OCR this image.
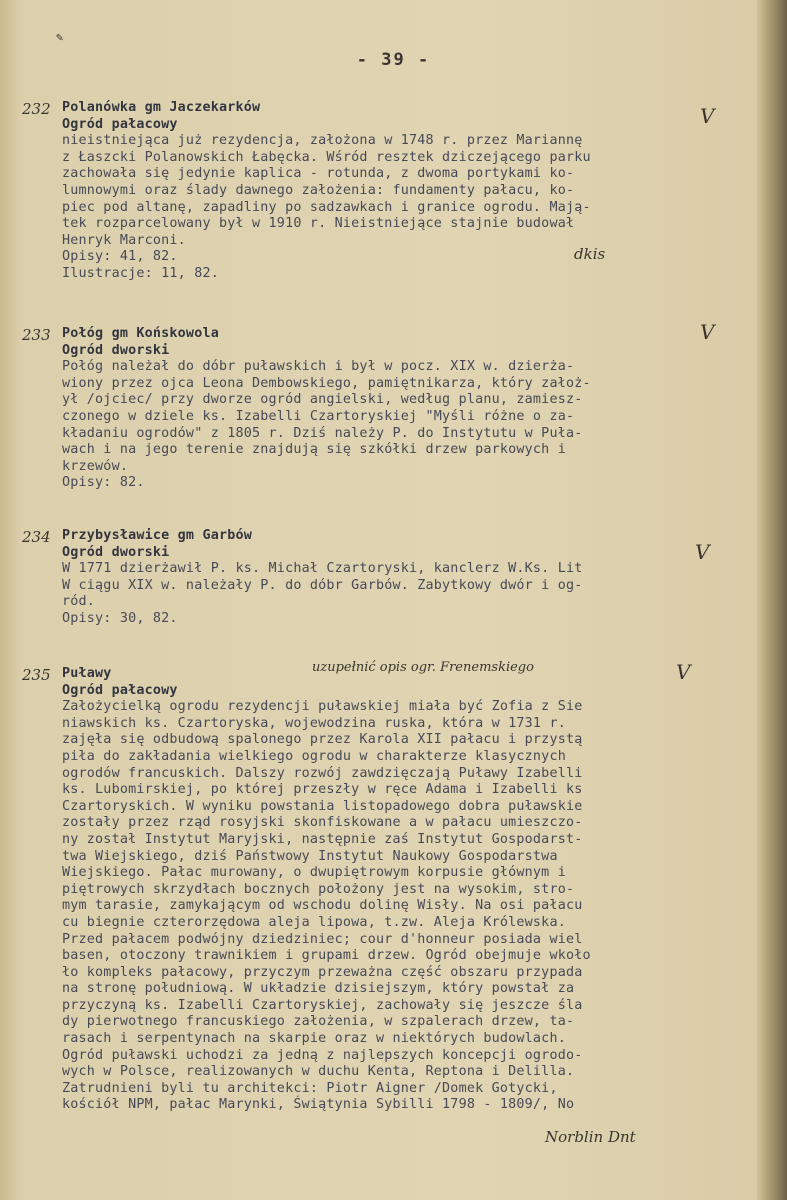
✎
- 39 -
232 Polanówka gm Jaczekarków
Ogród pałacowy
nieistniejąca już rezydencja, założona w 1748 r. przez Mariannę
z Łaszcki Polanowskich Łabęcka. Wśród resztek dziczejącego parku
zachowała się jedynie kaplica - rotunda, z dwoma portykami ko-
lumnowymi oraz ślady dawnego założenia: fundamenty pałacu, ko-
piec pod altanę, zapadliny po sadzawkach i granice ogrodu. Mają-
tek rozparcelowany był w 1910 r. Nieistniejące stajnie budował
Henryk Marconi.
Opisy: 41, 82.
Ilustracje: 11, 82.
V
dkis
233 Połóg gm Końskowola
Ogród dworski
Połóg należał do dóbr puławskich i był w pocz. XIX w. dzierża-
wiony przez ojca Leona Dembowskiego, pamiętnikarza, który założ-
ył /ojciec/ przy dworze ogród angielski, według planu, zamiesz-
czonego w dziele ks. Izabelli Czartoryskiej "Myśli różne o za-
kładaniu ogrodów" z 1805 r. Dziś należy P. do Instytutu w Puła-
wach i na jego terenie znajdują się szkółki drzew parkowych i
krzewów.
Opisy: 82.
V
234 Przybysławice gm Garbów
Ogród dworski
W 1771 dzierżawił P. ks. Michał Czartoryski, kanclerz W.Ks. Lit
W ciągu XIX w. należały P. do dóbr Garbów. Zabytkowy dwór i og-
ród.
Opisy: 30, 82.
V
235 Puławy
Ogród pałacowy
Założycielką ogrodu rezydencji puławskiej miała być Zofia z Sie
niawskich ks. Czartoryska, wojewodzina ruska, która w 1731 r.
zajęła się odbudową spalonego przez Karola XII pałacu i przystą
piła do zakładania wielkiego ogrodu w charakterze klasycznych
ogrodów francuskich. Dalszy rozwój zawdzięczają Puławy Izabelli
ks. Lubomirskiej, po której przeszły w ręce Adama i Izabelli ks
Czartoryskich. W wyniku powstania listopadowego dobra puławskie
zostały przez rząd rosyjski skonfiskowane a w pałacu umieszczo-
ny został Instytut Maryjski, następnie zaś Instytut Gospodarst-
twa Wiejskiego, dziś Państwowy Instytut Naukowy Gospodarstwa
Wiejskiego. Pałac murowany, o dwupiętrowym korpusie głównym i
piętrowych skrzydłach bocznych położony jest na wysokim, stro-
mym tarasie, zamykającym od wschodu dolinę Wisły. Na osi pałacu
cu biegnie czterorzędowa aleja lipowa, t.zw. Aleja Królewska.
Przed pałacem podwójny dziedziniec; cour d'honneur posiada wiel
basen, otoczony trawnikiem i grupami drzew. Ogród obejmuje wkoło
ło kompleks pałacowy, przyczym przeważna część obszaru przypada
na stronę południową. W układzie dzisiejszym, który powstał za
przyczyną ks. Izabelli Czartoryskiej, zachowały się jeszcze śla
dy pierwotnego francuskiego założenia, w szpalerach drzew, ta-
rasach i serpentynach na skarpie oraz w niektórych budowlach.
Ogród puławski uchodzi za jedną z najlepszych koncepcji ogrodo-
wych w Polsce, realizowanych w duchu Kenta, Reptona i Delilla.
Zatrudnieni byli tu architekci: Piotr Aigner /Domek Gotycki,
kościół NPM, pałac Marynki, Świątynia Sybilli 1798 - 1809/, No
uzupełnić opis ogr. Frenemskiego	V
Norblin Dnt
